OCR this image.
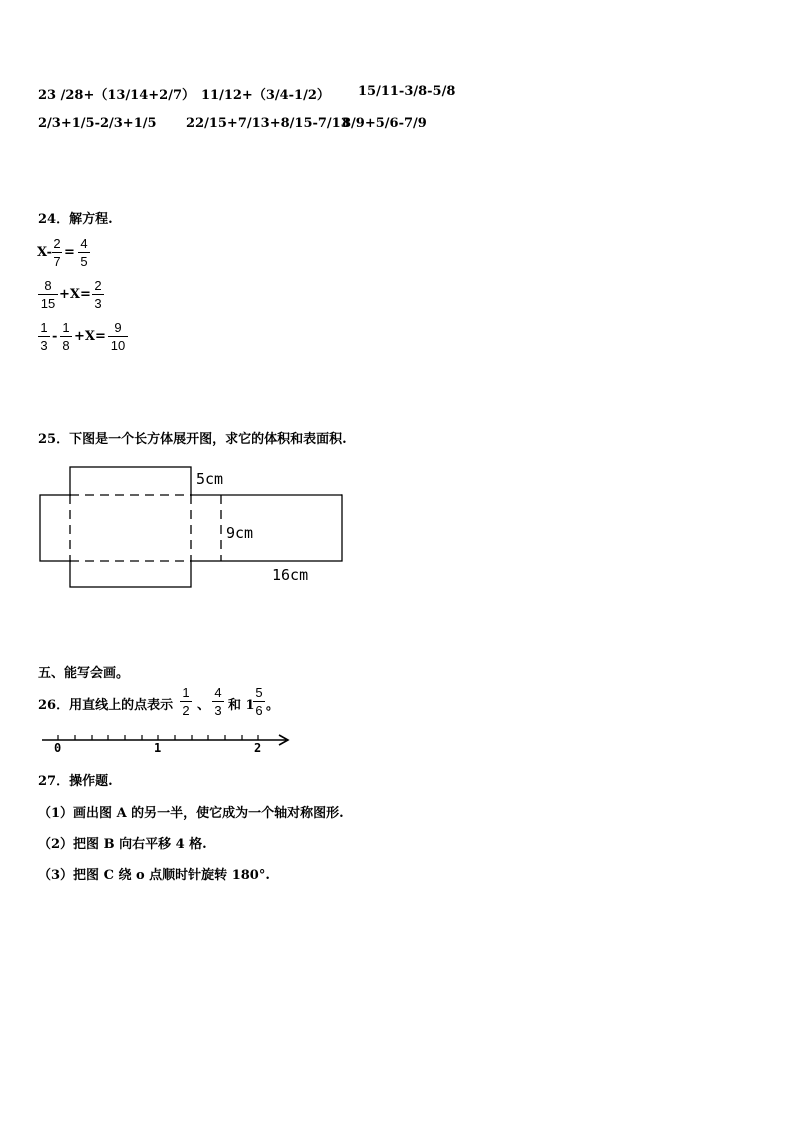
23 /28+（13/14+2/7） 11/12+（3/4-1/2） 15/11-3/8-5/8
2/3+1/5-2/3+1/5 22/15+7/13+8/15-7/13
8/9+5/6-7/9
24．解方程.
X-
2
7
=
4
5
8
15
+X=
2
3
1
3
-
1
8
+X=
9
10
25．下图是一个长方体展开图，求它的体积和表面积.
5cm
9cm
16cm
五、能写会画。
26．用直线上的点表示
1
2 、
4
3 和 1
5
6 。
0	1	2
27．操作题.
（1）画出图 A 的另一半，使它成为一个轴对称图形.
（2）把图 B 向右平移 4 格.
（3）把图 C 绕 o 点顺时针旋转 180°.
